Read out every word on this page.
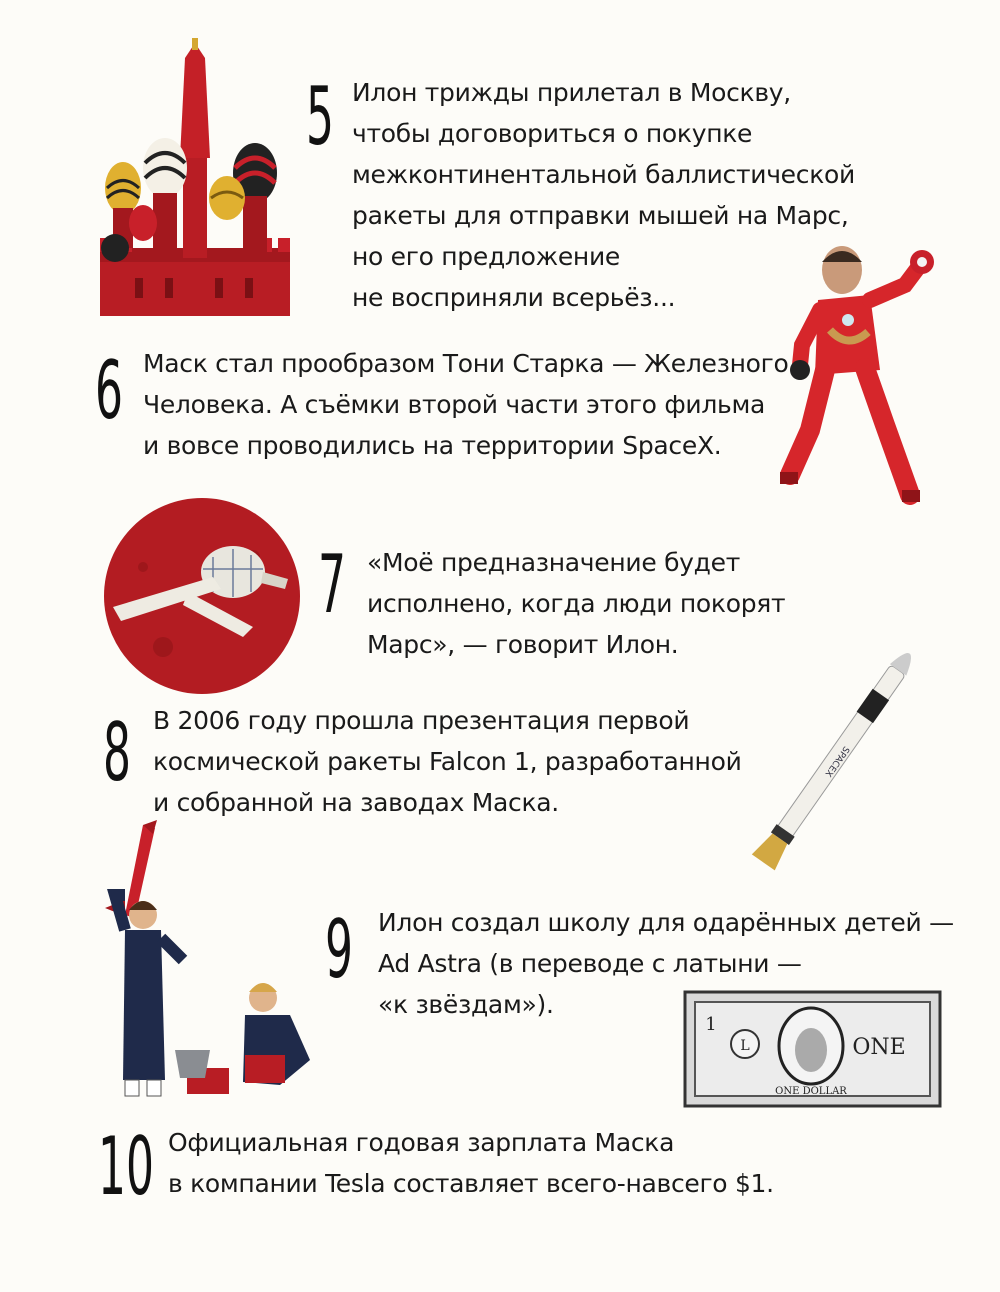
5 Илон трижды прилетал в Москву,
чтобы договориться о покупке
межконтинентальной баллистической
ракеты для отправки мышей на Марс,
но его предложение
не восприняли всерьёз...
6 Маск стал прообразом Тони Старка — Железного
Человека. А съёмки второй части этого фильма
и вовсе проводились на территории SpaceX.
7 «Моё предназначение будет
исполнено, когда люди покорят
Марс», — говорит Илон.
8 В 2006 году прошла презентация первой
космической ракеты Falcon 1, разработанной
и собранной на заводах Маска.
SPACEX
9 Илон создал школу для одарённых детей —
Ad Astra (в переводе с латыни —
«к звёздам»).
L
1
ONE
ONE DOLLAR
10 Официальная годовая зарплата Маска
в компании Tesla составляет всего-навсего $1.
